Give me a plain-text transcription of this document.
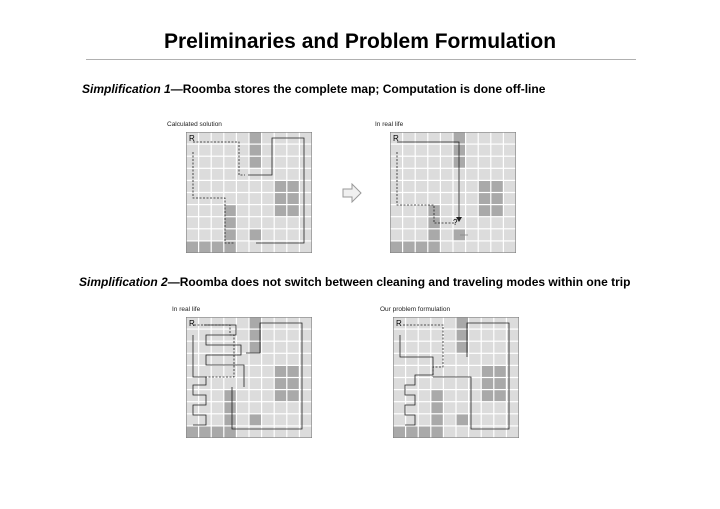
Preliminaries and Problem Formulation
Simplification 1—Roomba stores the complete map; Computation is done off-line
Calculated solution	In real life
R	R
?
Simplification 2—Roomba does not switch between cleaning and traveling modes within one trip
In real life	Our problem formulation
R	R
